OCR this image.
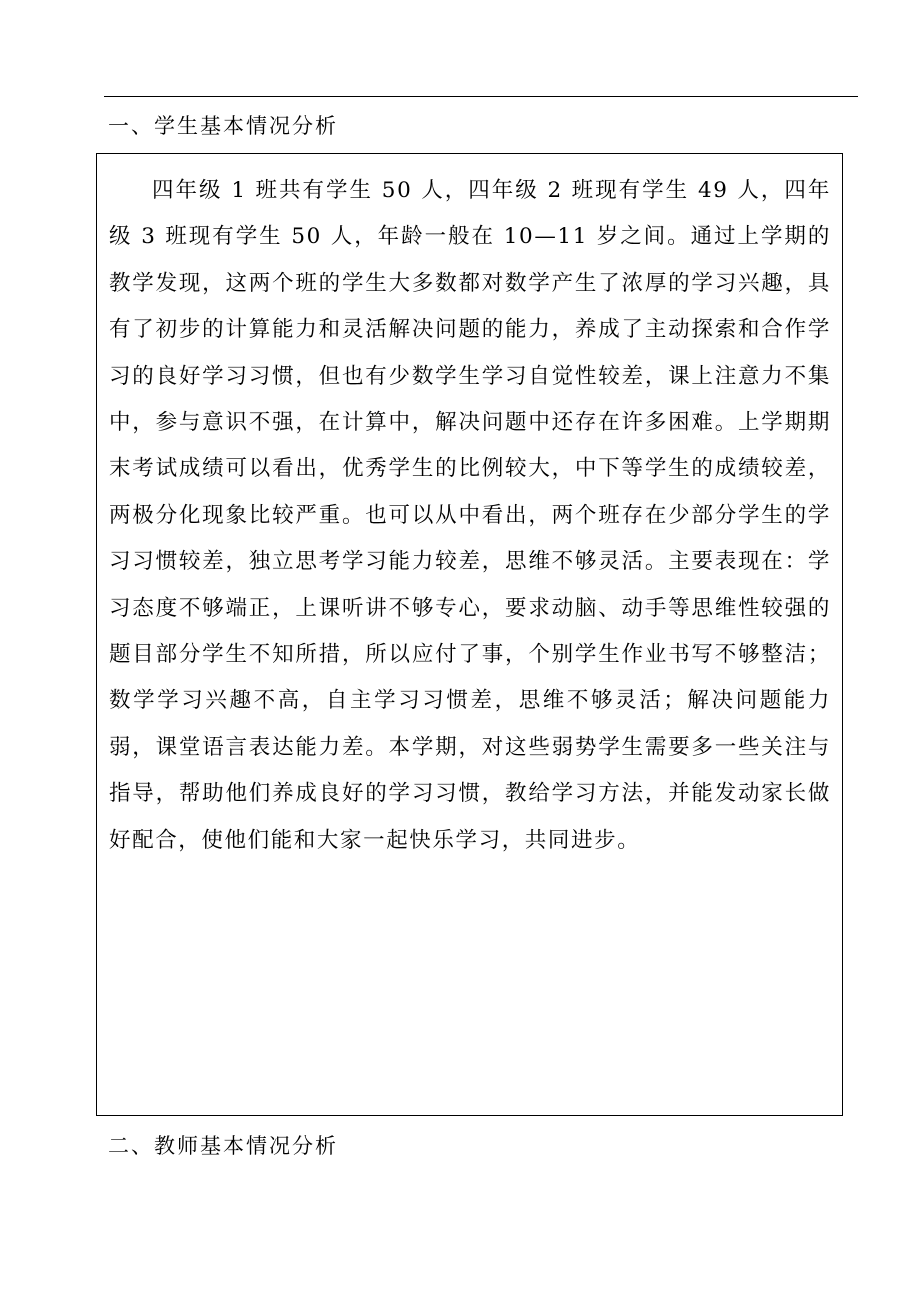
一、学生基本情况分析

四年级 1 班共有学生 50 人，四年级 2 班现有学生 49 人，四年级 3 班现有学生 50 人，年龄一般在 10—11 岁之间。通过上学期的教学发现，这两个班的学生大多数都对数学产生了浓厚的学习兴趣，具有了初步的计算能力和灵活解决问题的能力，养成了主动探索和合作学习的良好学习习惯，但也有少数学生学习自觉性较差，课上注意力不集中，参与意识不强，在计算中，解决问题中还存在许多困难。上学期期末考试成绩可以看出，优秀学生的比例较大，中下等学生的成绩较差，两极分化现象比较严重。也可以从中看出，两个班存在少部分学生的学习习惯较差，独立思考学习能力较差，思维不够灵活。主要表现在：学习态度不够端正，上课听讲不够专心，要求动脑、动手等思维性较强的题目部分学生不知所措，所以应付了事，个别学生作业书写不够整洁；数学学习兴趣不高，自主学习习惯差，思维不够灵活；解决问题能力弱，课堂语言表达能力差。本学期，对这些弱势学生需要多一些关注与指导，帮助他们养成良好的学习习惯，教给学习方法，并能发动家长做好配合，使他们能和大家一起快乐学习，共同进步。

二、教师基本情况分析
